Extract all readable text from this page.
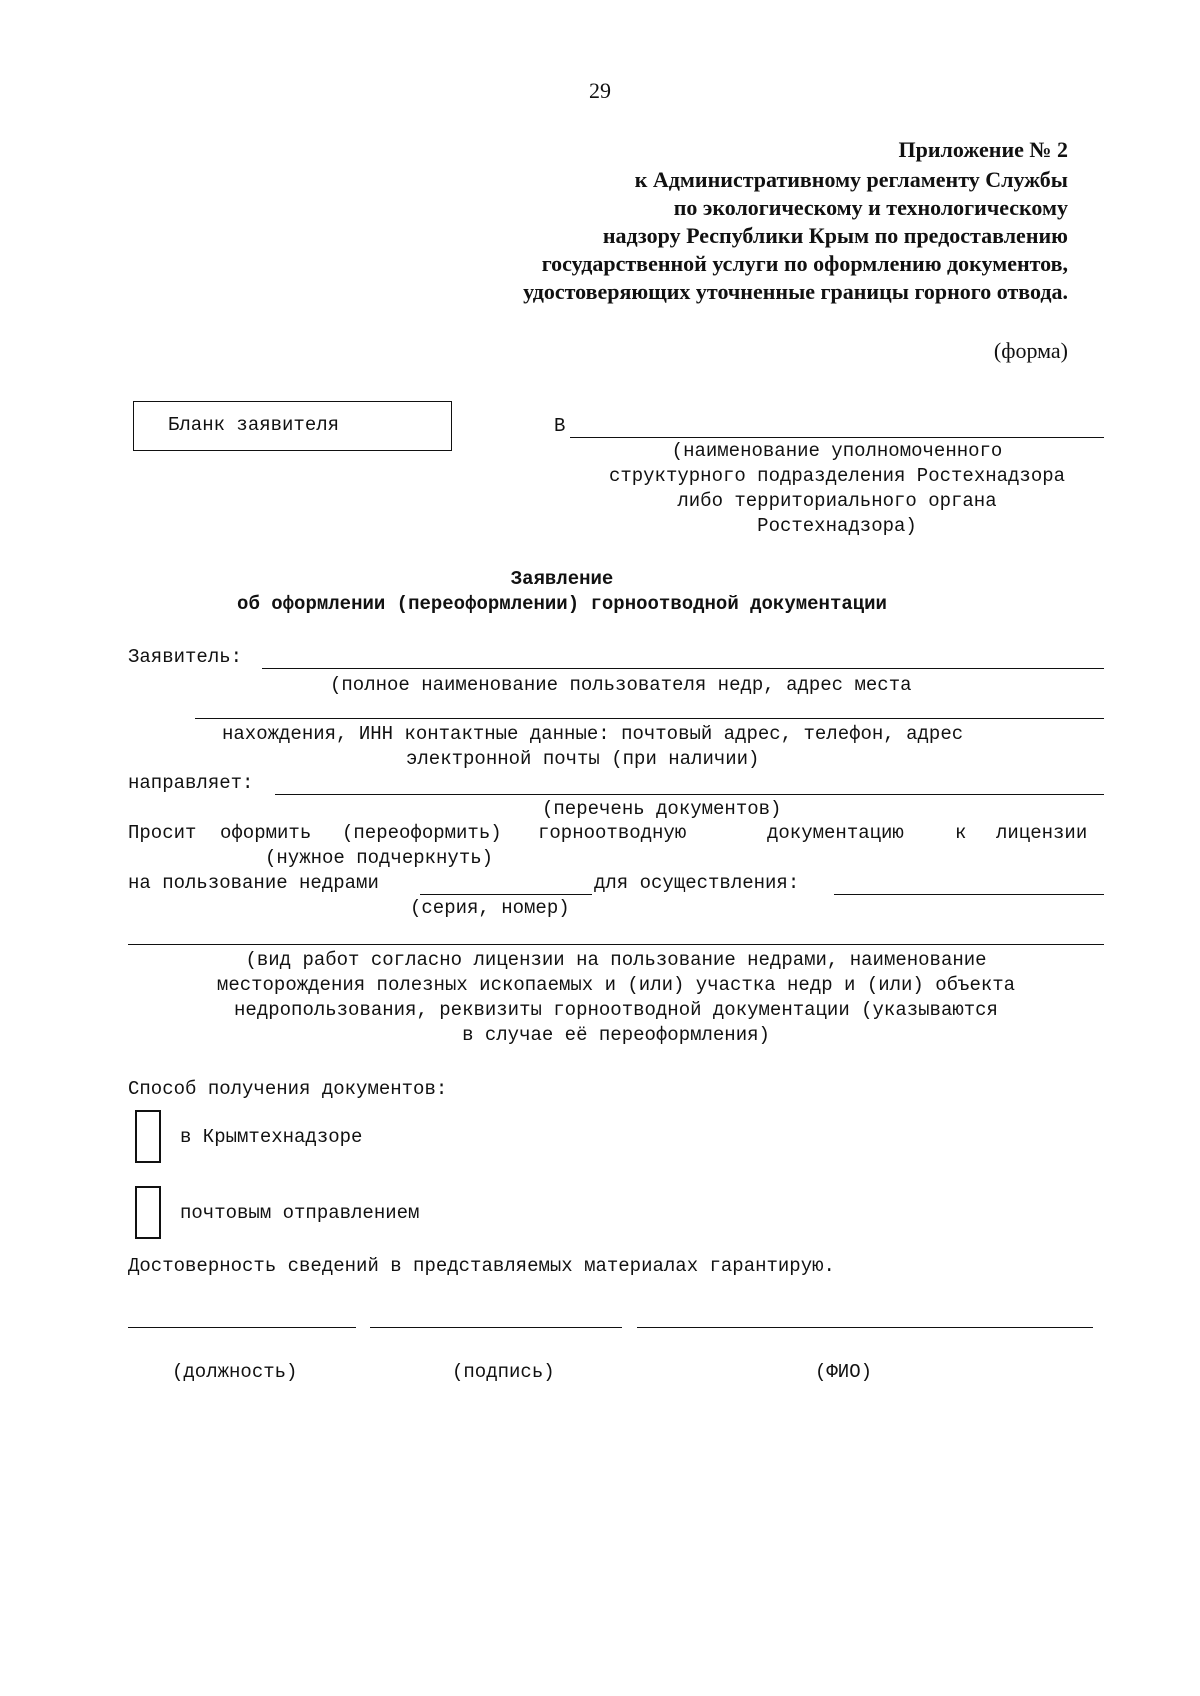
29
Приложение № 2
к Административному регламенту Службы
по экологическому и технологическому
надзору Республики Крым по предоставлению
государственной услуги по оформлению документов,
удостоверяющих уточненные границы горного отвода.
(форма)
Бланк заявителя	В
(наименование уполномоченного
структурного подразделения Ростехнадзора
либо территориального органа
Ростехнадзора)
Заявление
об оформлении (переоформлении) горноотводной документации
Заявитель:
(полное наименование пользователя недр, адрес места
нахождения, ИНН контактные данные: почтовый адрес, телефон, адрес
электронной почты (при наличии)
направляет:
(перечень документов)
Просит оформить (переоформить) горноотводную	документацию	к лицензии
(нужное подчеркнуть)
на пользование недрами	для осуществления:
(серия, номер)
(вид работ согласно лицензии на пользование недрами, наименование
месторождения полезных ископаемых и (или) участка недр и (или) объекта
недропользования, реквизиты горноотводной документации (указываются
в случае её переоформления)
Способ получения документов:
в Крымтехнадзоре
почтовым отправлением
Достоверность сведений в представляемых материалах гарантирую.
(должность)	(подпись)	(ФИО)
